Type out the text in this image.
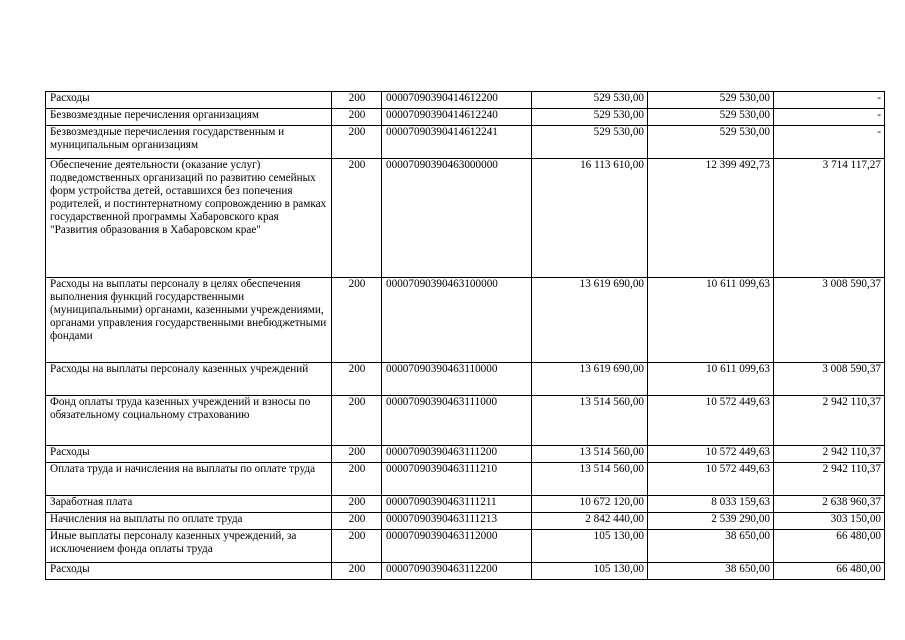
Расходы	200	00007090390414612200	529 530,00	529 530,00	-
Безвозмездные перечисления организациям	200	00007090390414612240	529 530,00	529 530,00	-
Безвозмездные перечисления государственным и муниципальным организациям	200	00007090390414612241	529 530,00	529 530,00	-
Обеспечение деятельности (оказание услуг) подведомственных организаций по развитию семейных форм устройства детей, оставшихся без попечения родителей, и постинтернатному сопровождению в рамках государственной программы Хабаровского края "Развития образования в Хабаровском крае"	200	00007090390463000000	16 113 610,00	12 399 492,73	3 714 117,27
Расходы на выплаты персоналу в целях обеспечения выполнения функций государственными (муниципальными) органами, казенными учреждениями, органами управления государственными внебюджетными фондами	200	00007090390463100000	13 619 690,00	10 611 099,63	3 008 590,37
Расходы на выплаты персоналу казенных учреждений	200	00007090390463110000	13 619 690,00	10 611 099,63	3 008 590,37
Фонд оплаты труда казенных учреждений и взносы по обязательному социальному страхованию	200	00007090390463111000	13 514 560,00	10 572 449,63	2 942 110,37
Расходы	200	00007090390463111200	13 514 560,00	10 572 449,63	2 942 110,37
Оплата труда и начисления на выплаты по оплате труда	200	00007090390463111210	13 514 560,00	10 572 449,63	2 942 110,37
Заработная плата	200	00007090390463111211	10 672 120,00	8 033 159,63	2 638 960,37
Начисления на выплаты по оплате труда	200	00007090390463111213	2 842 440,00	2 539 290,00	303 150,00
Иные выплаты персоналу казенных учреждений, за исключением фонда оплаты труда	200	00007090390463112000	105 130,00	38 650,00	66 480,00
Расходы	200	00007090390463112200	105 130,00	38 650,00	66 480,00
